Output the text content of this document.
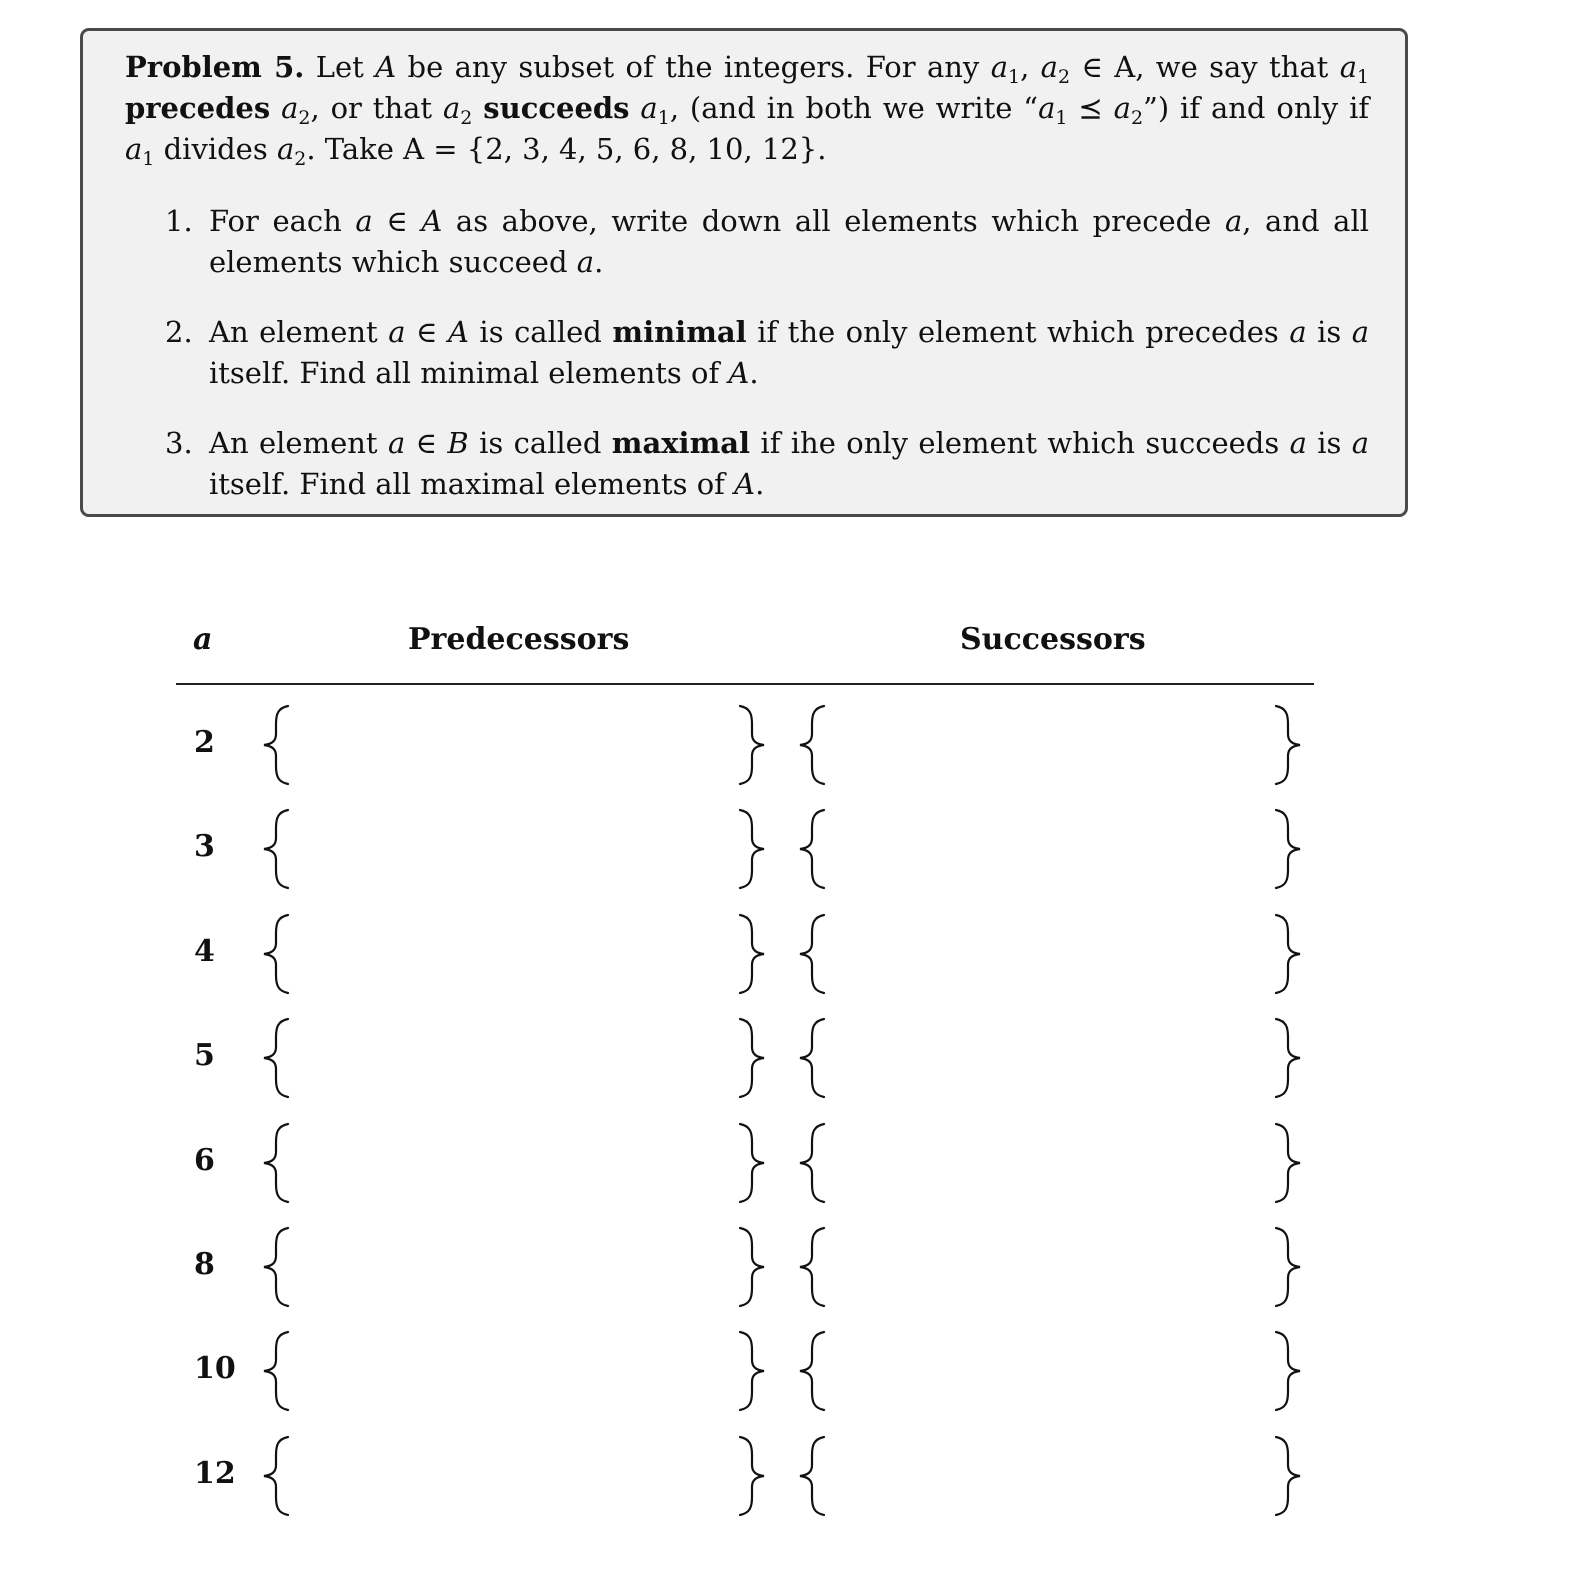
Problem 5. Let A be any subset of the integers. For any $a_1$, $a_2$ ∈ A, we say that $a_1$ precedes $a_2$, or that $a_2$ succeeds $a_1$, (and in both we write “$a_1$ ⪯ $a_2$”) if and only if $a_1$ divides $a_2$. Take A = {2, 3, 4, 5, 6, 8, 10, 12}.

1. For each a ∈ A as above, write down all elements which precede a, and all elements which succeed a.

2. An element a ∈ A is called minimal if the only element which precedes a is a itself. Find all minimal elements of A.

3. An element a ∈ B is called maximal if ihe only element which succeeds a is a itself. Find all maximal elements of A.

a	Predecessors	Successors
2
3
4
5
6
8
10
12
